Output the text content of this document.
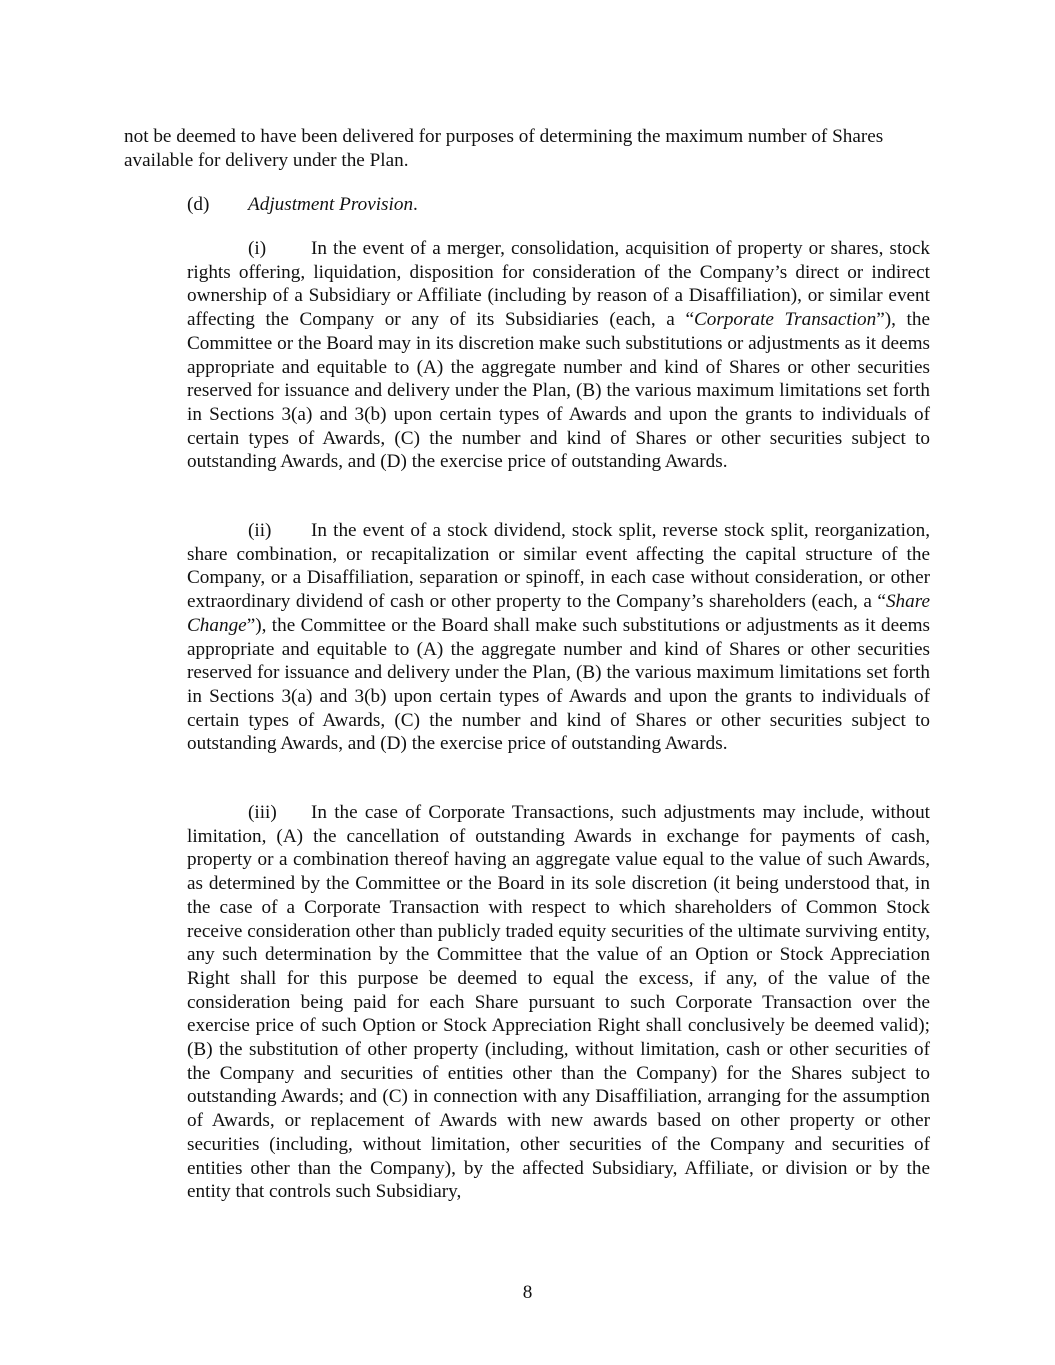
not be deemed to have been delivered for purposes of determining the maximum number of Shares available for delivery under the Plan.

(d) Adjustment Provision.

(i) In the event of a merger, consolidation, acquisition of property or shares, stock rights offering, liquidation, disposition for consideration of the Company’s direct or indirect ownership of a Subsidiary or Affiliate (including by reason of a Disaffiliation), or similar event affecting the Company or any of its Subsidiaries (each, a “Corporate Transaction”), the Committee or the Board may in its discretion make such substitutions or adjustments as it deems appropriate and equitable to (A) the aggregate number and kind of Shares or other securities reserved for issuance and delivery under the Plan, (B) the various maximum limitations set forth in Sections 3(a) and 3(b) upon certain types of Awards and upon the grants to individuals of certain types of Awards, (C) the number and kind of Shares or other securities subject to outstanding Awards, and (D) the exercise price of outstanding Awards.

(ii) In the event of a stock dividend, stock split, reverse stock split, reorganization, share combination, or recapitalization or similar event affecting the capital structure of the Company, or a Disaffiliation, separation or spinoff, in each case without consideration, or other extraordinary dividend of cash or other property to the Company’s shareholders (each, a “Share Change”), the Committee or the Board shall make such substitutions or adjustments as it deems appropriate and equitable to (A) the aggregate number and kind of Shares or other securities reserved for issuance and delivery under the Plan, (B) the various maximum limitations set forth in Sections 3(a) and 3(b) upon certain types of Awards and upon the grants to individuals of certain types of Awards, (C) the number and kind of Shares or other securities subject to outstanding Awards, and (D) the exercise price of outstanding Awards.

(iii) In the case of Corporate Transactions, such adjustments may include, without limitation, (A) the cancellation of outstanding Awards in exchange for payments of cash, property or a combination thereof having an aggregate value equal to the value of such Awards, as determined by the Committee or the Board in its sole discretion (it being understood that, in the case of a Corporate Transaction with respect to which shareholders of Common Stock receive consideration other than publicly traded equity securities of the ultimate surviving entity, any such determination by the Committee that the value of an Option or Stock Appreciation Right shall for this purpose be deemed to equal the excess, if any, of the value of the consideration being paid for each Share pursuant to such Corporate Transaction over the exercise price of such Option or Stock Appreciation Right shall conclusively be deemed valid); (B) the substitution of other property (including, without limitation, cash or other securities of the Company and securities of entities other than the Company) for the Shares subject to outstanding Awards; and (C) in connection with any Disaffiliation, arranging for the assumption of Awards, or replacement of Awards with new awards based on other property or other securities (including, without limitation, other securities of the Company and securities of entities other than the Company), by the affected Subsidiary, Affiliate, or division or by the entity that controls such Subsidiary,

8
